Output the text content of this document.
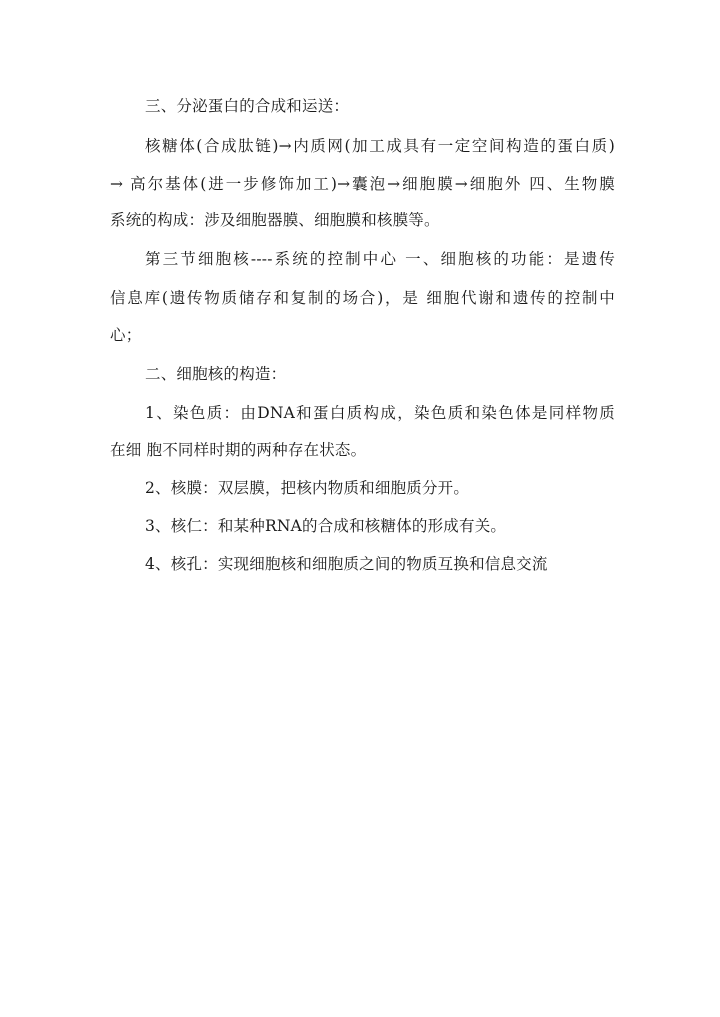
三、分泌蛋白的合成和运送：
核糖体(合成肽链)→内质网(加工成具有一定空间构造的蛋白质)
→ 高尔基体(进一步修饰加工)→囊泡→细胞膜→细胞外 四、生物膜
系统的构成：涉及细胞器膜、细胞膜和核膜等。
第三节细胞核----系统的控制中心 一、细胞核的功能：是遗传
信息库(遗传物质储存和复制的场合)，是 细胞代谢和遗传的控制中
心；
二、细胞核的构造：
1、染色质：由DNA和蛋白质构成，染色质和染色体是同样物质
在细 胞不同样时期的两种存在状态。
2、核膜：双层膜，把核内物质和细胞质分开。
3、核仁：和某种RNA的合成和核糖体的形成有关。
4、核孔：实现细胞核和细胞质之间的物质互换和信息交流
